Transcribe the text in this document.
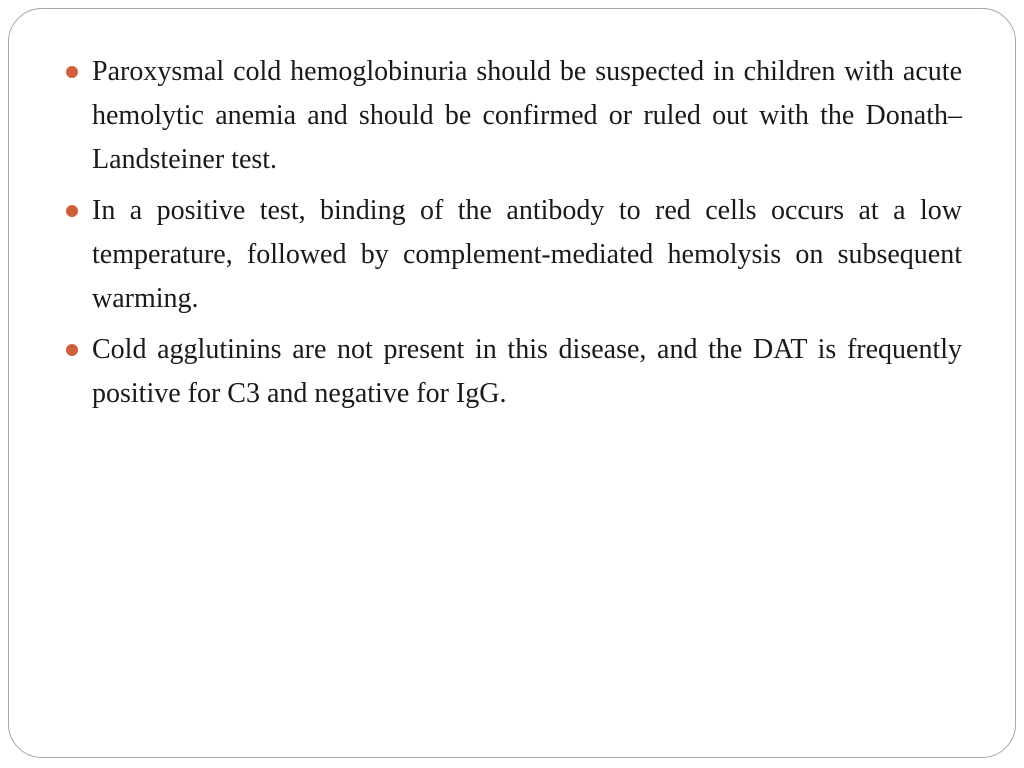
Paroxysmal cold hemoglobinuria should be suspected in children with acute hemolytic anemia and should be confirmed or ruled out with the Donath–Landsteiner test.
In a positive test, binding of the antibody to red cells occurs at a low temperature, followed by complement-mediated hemolysis on subsequent warming.
Cold agglutinins are not present in this disease, and the DAT is frequently positive for C3 and negative for IgG.
